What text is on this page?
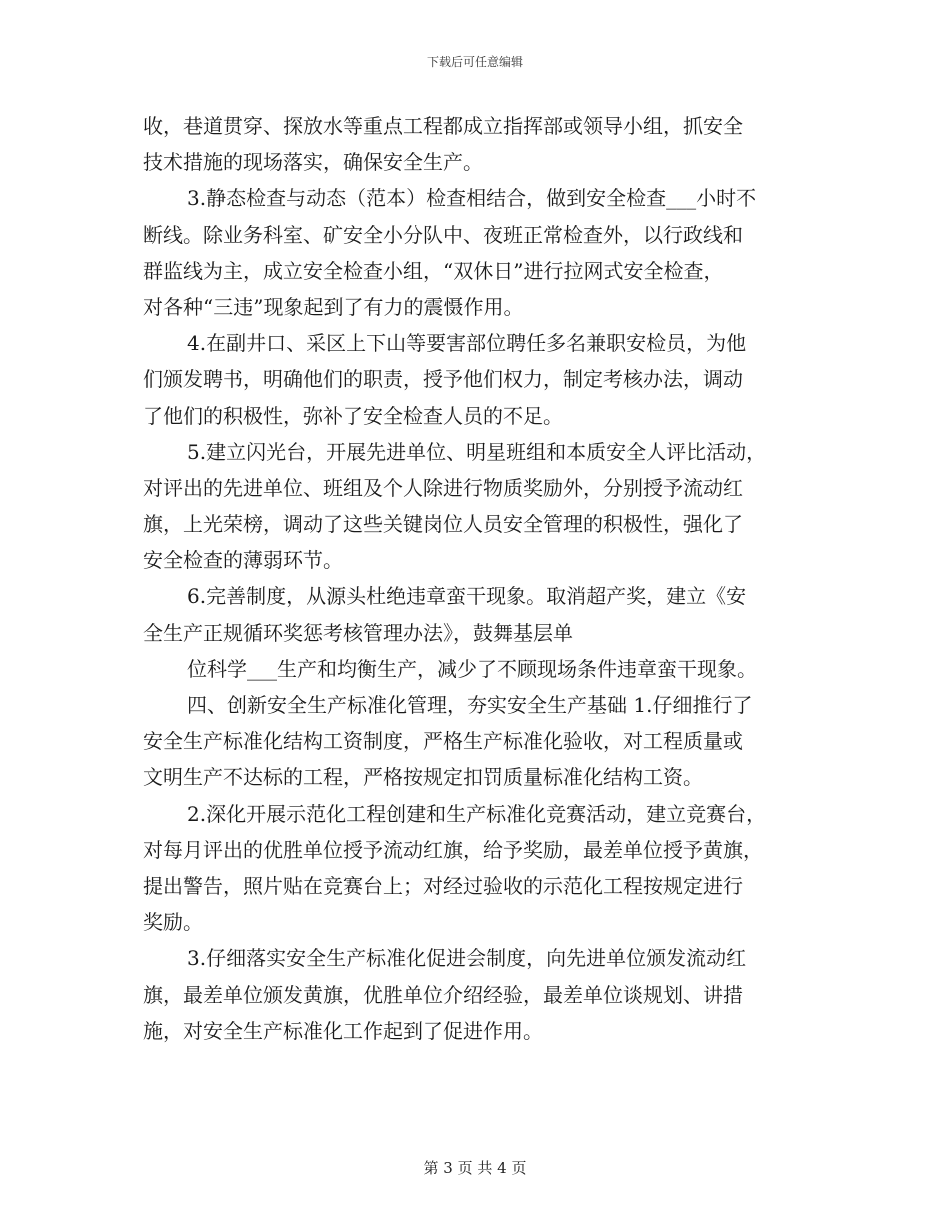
下载后可任意编辑
收，巷道贯穿、探放水等重点工程都成立指挥部或领导小组，抓安全
技术措施的现场落实，确保安全生产。
3.静态检查与动态（范本）检查相结合，做到安全检查___小时不
断线。除业务科室、矿安全小分队中、夜班正常检查外，以行政线和
群监线为主，成立安全检查小组，“双休日”进行拉网式安全检查，
对各种“三违”现象起到了有力的震慑作用。
4.在副井口、采区上下山等要害部位聘任多名兼职安检员，为他
们颁发聘书，明确他们的职责，授予他们权力，制定考核办法，调动
了他们的积极性，弥补了安全检查人员的不足。
5.建立闪光台，开展先进单位、明星班组和本质安全人评比活动，
对评出的先进单位、班组及个人除进行物质奖励外，分别授予流动红
旗，上光荣榜，调动了这些关键岗位人员安全管理的积极性，强化了
安全检查的薄弱环节。
6.完善制度，从源头杜绝违章蛮干现象。取消超产奖，建立《安
全生产正规循环奖惩考核管理办法》，鼓舞基层单
位科学___生产和均衡生产，减少了不顾现场条件违章蛮干现象。
四、创新安全生产标准化管理，夯实安全生产基础 1.仔细推行了
安全生产标准化结构工资制度，严格生产标准化验收，对工程质量或
文明生产不达标的工程，严格按规定扣罚质量标准化结构工资。
2.深化开展示范化工程创建和生产标准化竞赛活动，建立竞赛台，
对每月评出的优胜单位授予流动红旗，给予奖励，最差单位授予黄旗，
提出警告，照片贴在竞赛台上；对经过验收的示范化工程按规定进行
奖励。
3.仔细落实安全生产标准化促进会制度，向先进单位颁发流动红
旗，最差单位颁发黄旗，优胜单位介绍经验，最差单位谈规划、讲措
施，对安全生产标准化工作起到了促进作用。
第 3 页 共 4 页
